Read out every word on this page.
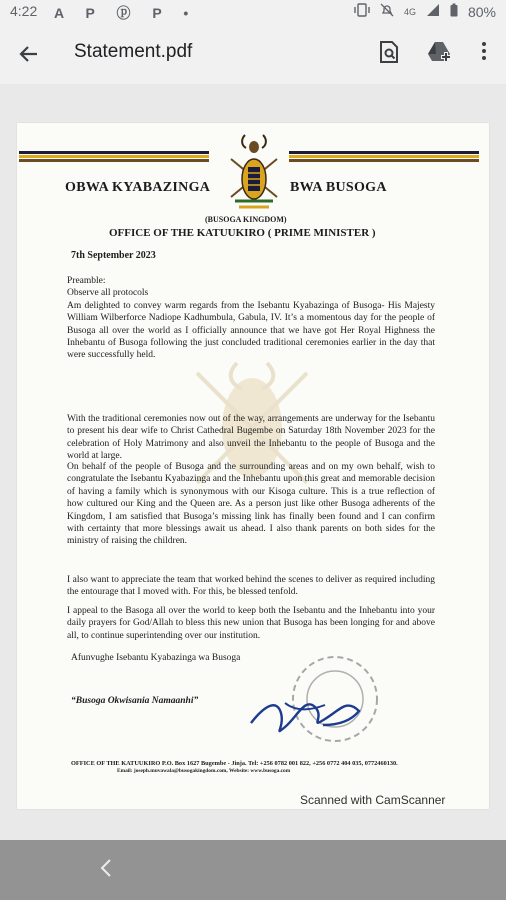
4:22 A P ⓟ P •	4G	80%
Statement.pdf
OBWA KYABAZINGA	BWA BUSOGA
(BUSOGA KINGDOM)
OFFICE OF THE KATUUKIRO ( PRIME MINISTER )
7th September 2023
Preamble:
Observe all protocols
Am delighted to convey warm regards from the Isebantu Kyabazinga of Busoga- His Majesty William Wilberforce Nadiope Kadhumbula, Gabula, IV. It’s a momentous day for the people of Busoga all over the world as I officially announce that we have got Her Royal Highness the Inhebantu of Busoga following the just concluded traditional ceremonies earlier in the day that were successfully held.
With the traditional ceremonies now out of the way, arrangements are underway for the Isebantu to present his dear wife to Christ Cathedral Bugembe on Saturday 18th November 2023 for the celebration of Holy Matrimony and also unveil the Inhebantu to the people of Busoga and the world at large.
On behalf of the people of Busoga and the surrounding areas and on my own behalf, wish to congratulate the Isebantu Kyabazinga and the Inhebantu upon this great and memorable decision of having a family which is synonymous with our Kisoga culture. This is a true reflection of how cultured our King and the Queen are. As a person just like other Busoga adherents of the Kingdom, I am satisfied that Busoga’s missing link has finally been found and I can confirm with certainty that more blessings await us ahead. I also thank parents on both sides for the ministry of raising the children.
I also want to appreciate the team that worked behind the scenes to deliver as required including the entourage that I moved with. For this, be blessed tenfold.
I appeal to the Basoga all over the world to keep both the Isebantu and the Inhebantu into your daily prayers for God/Allah to bless this new union that Busoga has been longing for and above all, to continue superintending over our institution.
Afunvughe Isebantu Kyabazinga wa Busoga
“Busoga Okwisania Namaanhi”
OFFICE OF THE KATUUKIRO P.O. Box 1627 Bugembe - Jinja. Tel: +256 0782 001 822, +256 0772 404 035, 0772460130.
Email: joseph.muvawala@busogakingdom.com, Website: www.busoga.com
Scanned with CamScanner
